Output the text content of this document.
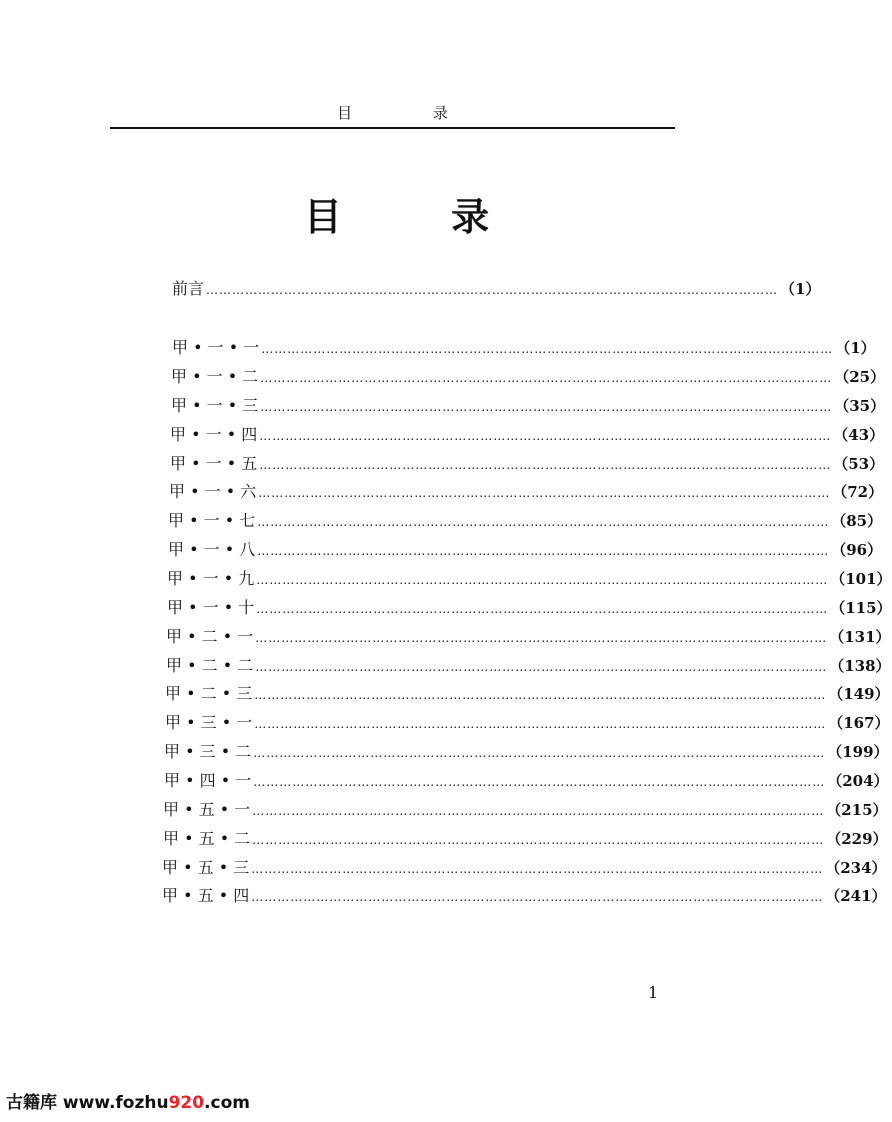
目 录
目 录
前言 …………………………………………………………………………………………………………………… （1）
甲 • 一 • 一 …………………………………………………………………………………………………………………… （1）
甲 • 一 • 二 …………………………………………………………………………………………………………………… （25）
甲 • 一 • 三 …………………………………………………………………………………………………………………… （35）
甲 • 一 • 四 …………………………………………………………………………………………………………………… （43）
甲 • 一 • 五 …………………………………………………………………………………………………………………… （53）
甲 • 一 • 六 …………………………………………………………………………………………………………………… （72）
甲 • 一 • 七 …………………………………………………………………………………………………………………… （85）
甲 • 一 • 八 …………………………………………………………………………………………………………………… （96）
甲 • 一 • 九 …………………………………………………………………………………………………………………… （101）
甲 • 一 • 十 …………………………………………………………………………………………………………………… （115）
甲 • 二 • 一 …………………………………………………………………………………………………………………… （131）
甲 • 二 • 二 …………………………………………………………………………………………………………………… （138）
甲 • 二 • 三 …………………………………………………………………………………………………………………… （149）
甲 • 三 • 一 …………………………………………………………………………………………………………………… （167）
甲 • 三 • 二 …………………………………………………………………………………………………………………… （199）
甲 • 四 • 一 …………………………………………………………………………………………………………………… （204）
甲 • 五 • 一 …………………………………………………………………………………………………………………… （215）
甲 • 五 • 二 …………………………………………………………………………………………………………………… （229）
甲 • 五 • 三 …………………………………………………………………………………………………………………… （234）
甲 • 五 • 四 …………………………………………………………………………………………………………………… （241）
1
古籍库 www.fozhu920.com
